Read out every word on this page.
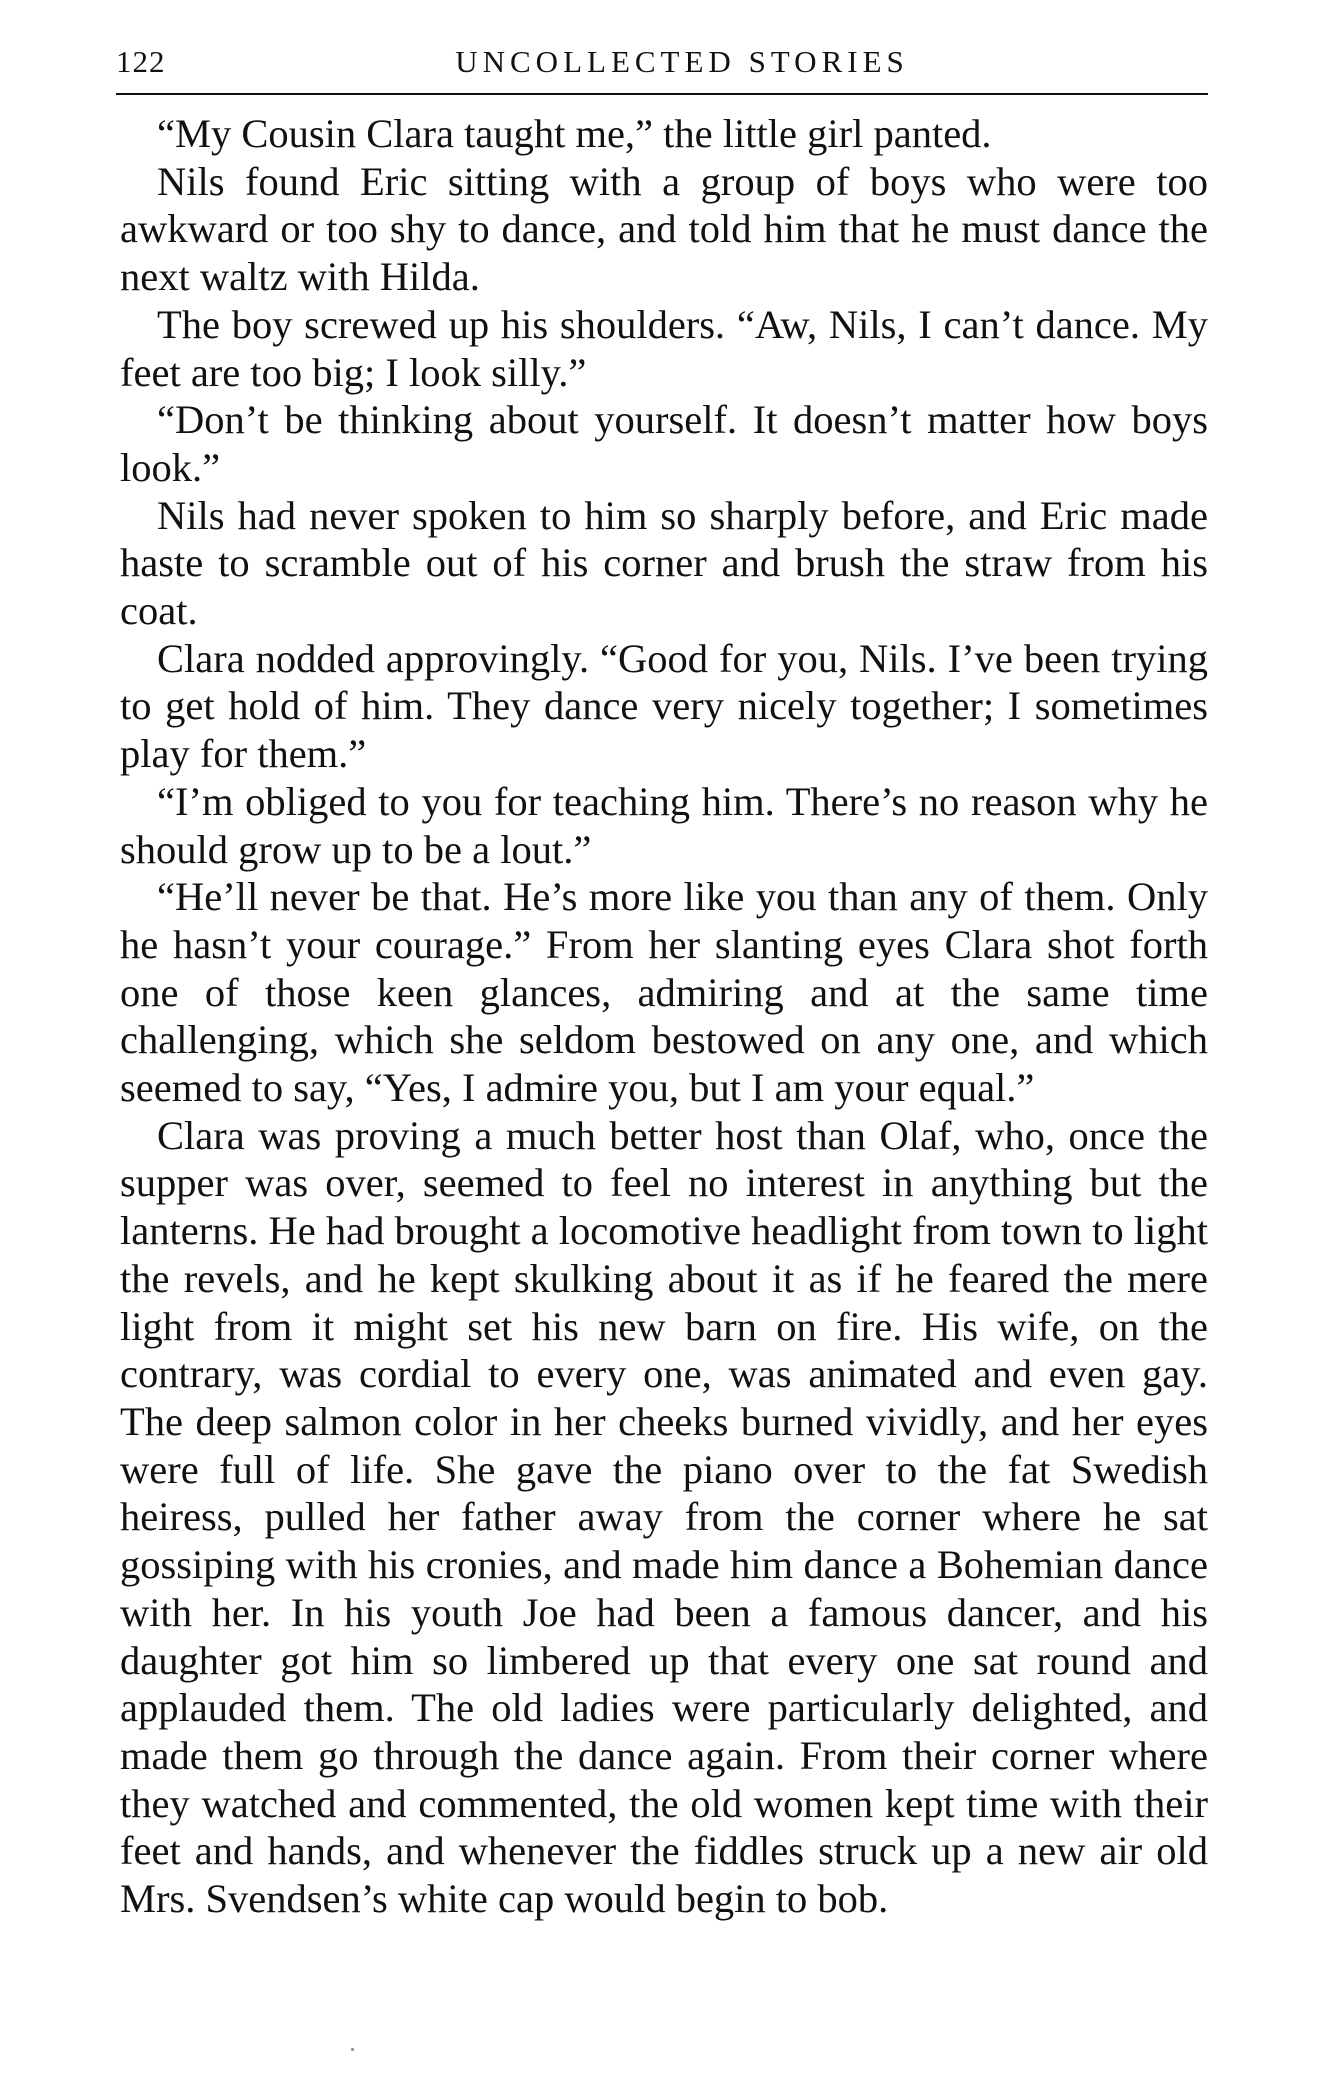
122	UNCOLLECTED STORIES

“My Cousin Clara taught me,” the little girl panted.

Nils found Eric sitting with a group of boys who were too awkward or too shy to dance, and told him that he must dance the next waltz with Hilda.

The boy screwed up his shoulders. “Aw, Nils, I can’t dance. My feet are too big; I look silly.”

“Don’t be thinking about yourself. It doesn’t matter how boys look.”

Nils had never spoken to him so sharply before, and Eric made haste to scramble out of his corner and brush the straw from his coat.

Clara nodded approvingly. “Good for you, Nils. I’ve been trying to get hold of him. They dance very nicely together; I sometimes play for them.”

“I’m obliged to you for teaching him. There’s no reason why he should grow up to be a lout.”

“He’ll never be that. He’s more like you than any of them. Only he hasn’t your courage.” From her slanting eyes Clara shot forth one of those keen glances, admiring and at the same time challenging, which she seldom bestowed on any one, and which seemed to say, “Yes, I admire you, but I am your equal.”

Clara was proving a much better host than Olaf, who, once the supper was over, seemed to feel no interest in anything but the lanterns. He had brought a locomotive headlight from town to light the revels, and he kept skulking about it as if he feared the mere light from it might set his new barn on fire. His wife, on the contrary, was cordial to every one, was animated and even gay. The deep salmon color in her cheeks burned vividly, and her eyes were full of life. She gave the piano over to the fat Swedish heiress, pulled her father away from the corner where he sat gossiping with his cronies, and made him dance a Bohemian dance with her. In his youth Joe had been a famous dancer, and his daughter got him so limbered up that every one sat round and applauded them. The old ladies were particularly delighted, and made them go through the dance again. From their corner where they watched and commented, the old women kept time with their feet and hands, and whenever the fiddles struck up a new air old Mrs. Svendsen’s white cap would begin to bob.
